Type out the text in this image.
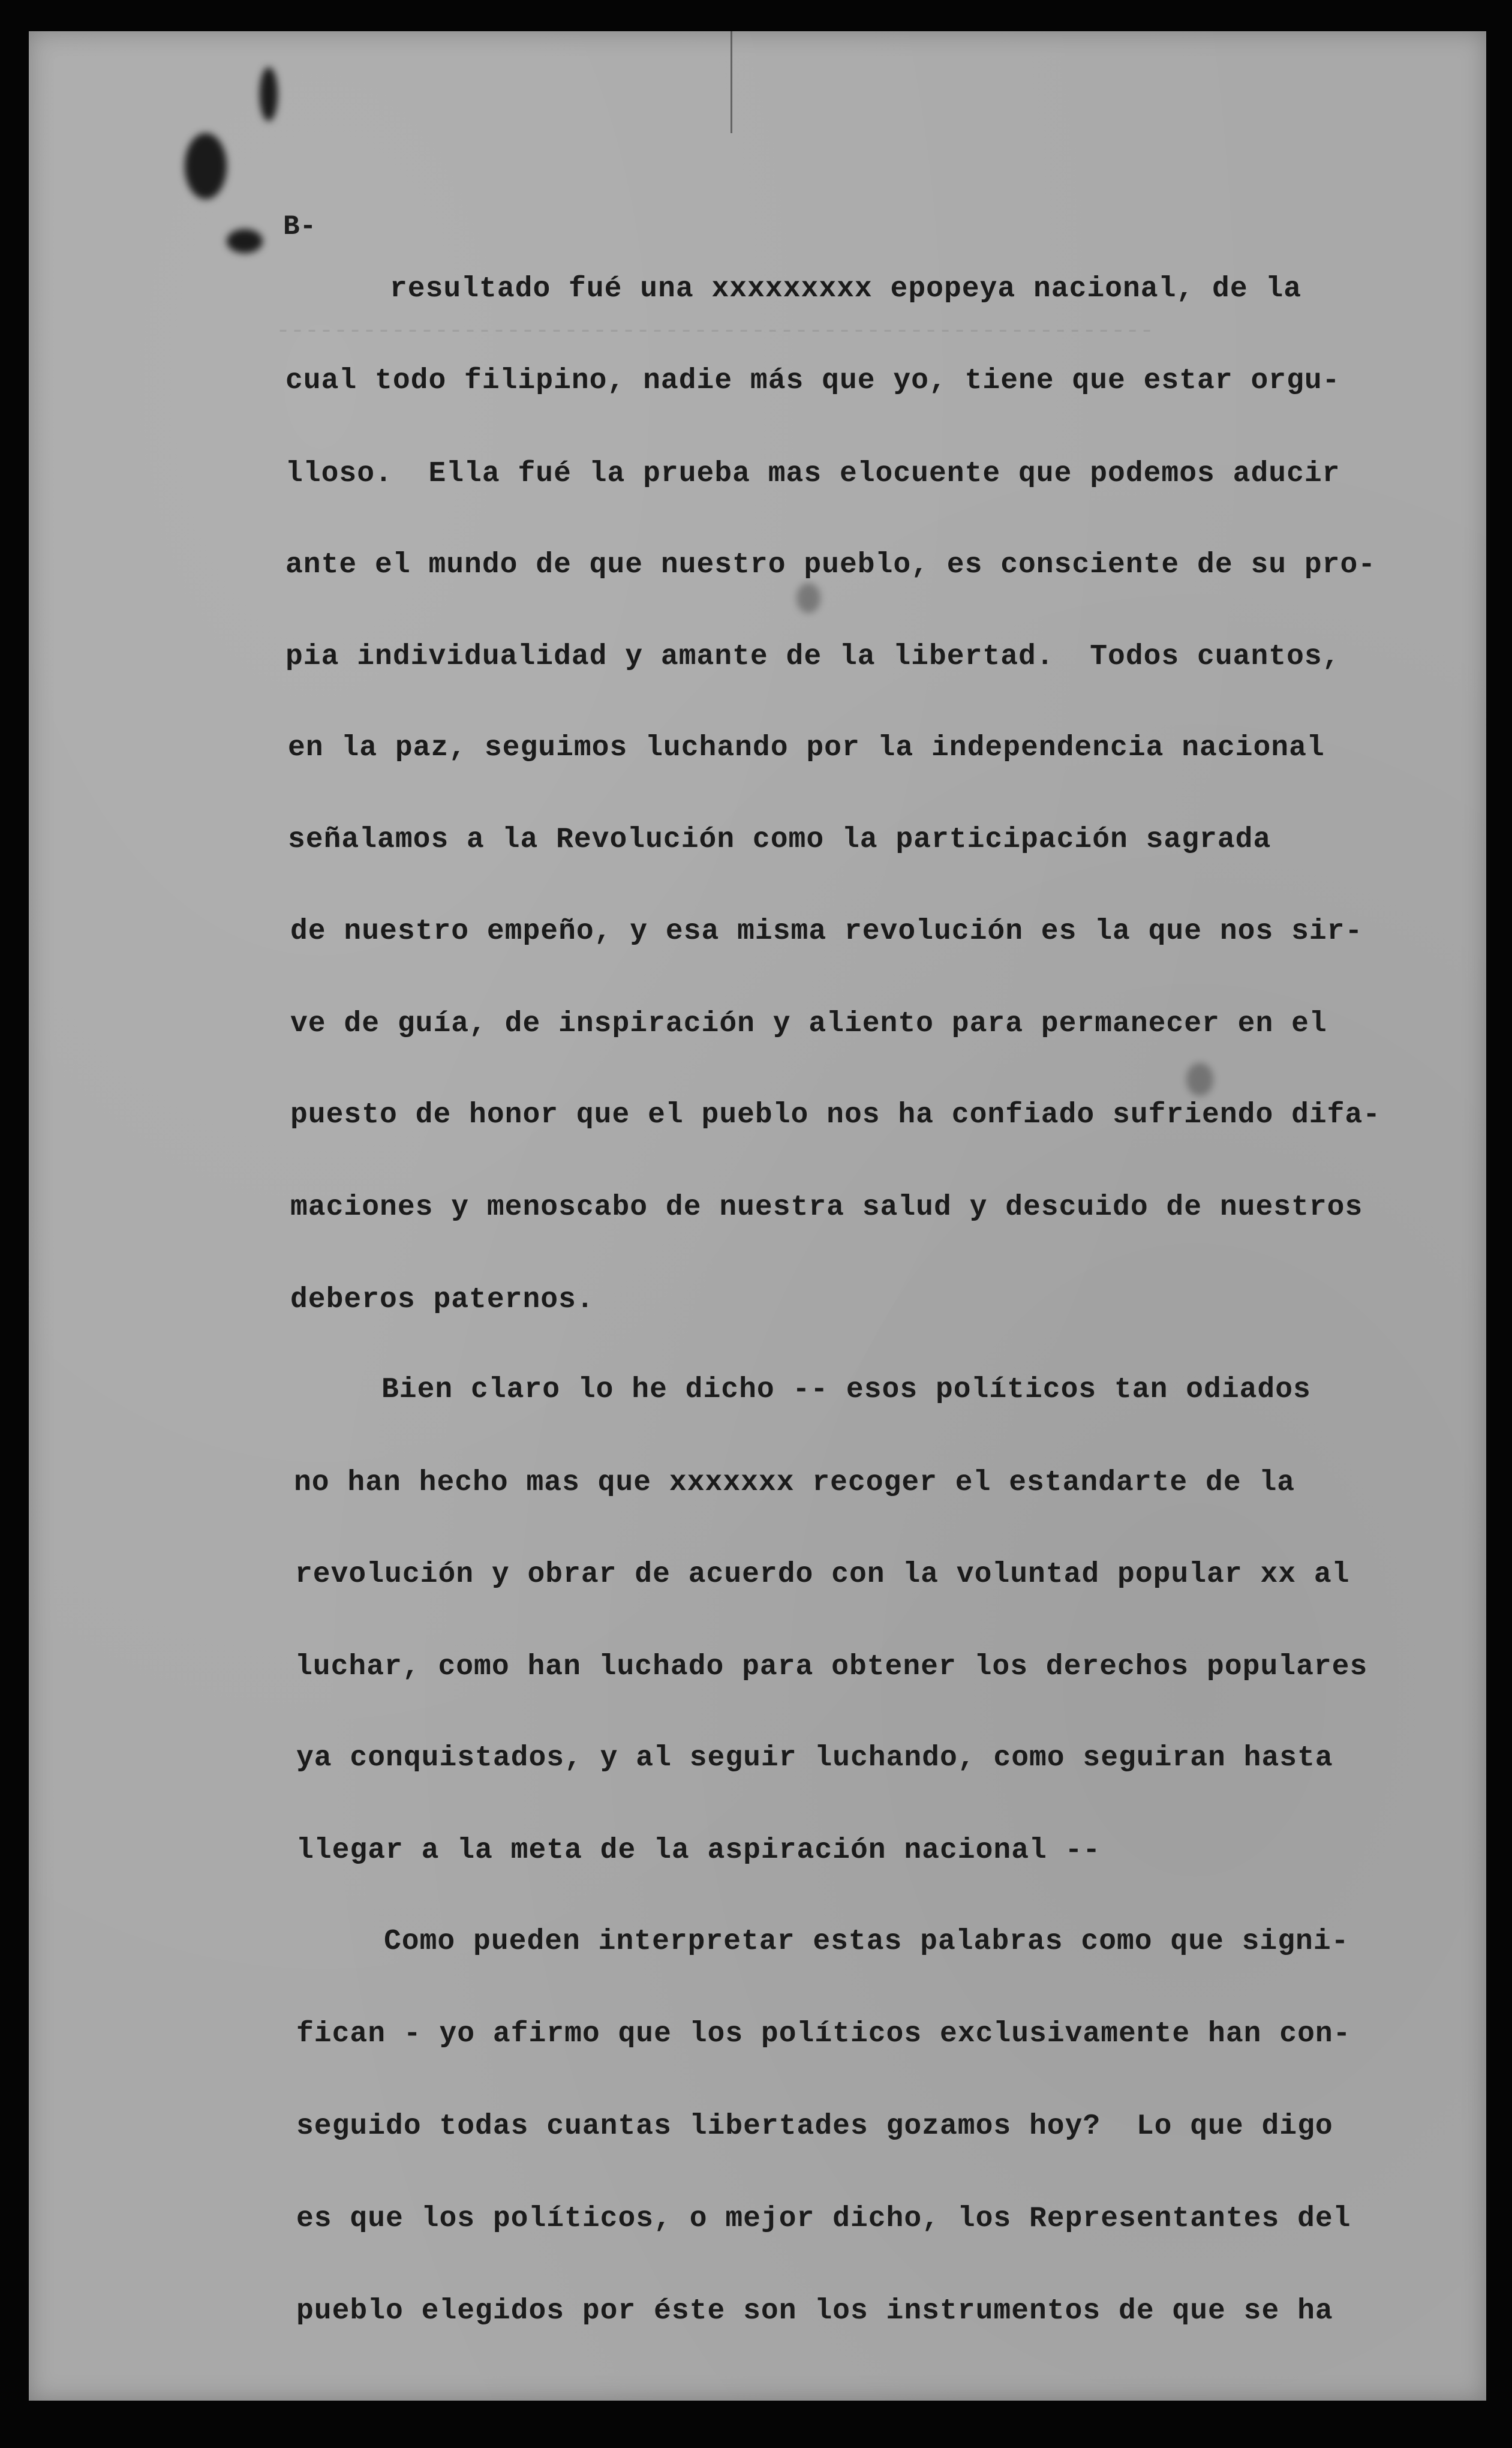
-------------------------------------------------------------
B-
resultado fué una xxxxxxxxx epopeya nacional, de la
cual todo filipino, nadie más que yo, tiene que estar orgu-
lloso.  Ella fué la prueba mas elocuente que podemos aducir
ante el mundo de que nuestro pueblo, es consciente de su pro-
pia individualidad y amante de la libertad.  Todos cuantos,
en la paz, seguimos luchando por la independencia nacional
señalamos a la Revolución como la participación sagrada
de nuestro empeño, y esa misma revolución es la que nos sir-
ve de guía, de inspiración y aliento para permanecer en el
puesto de honor que el pueblo nos ha confiado sufriendo difa-
maciones y menoscabo de nuestra salud y descuido de nuestros
deberos paternos.
Bien claro lo he dicho -- esos políticos tan odiados
no han hecho mas que xxxxxxx recoger el estandarte de la
revolución y obrar de acuerdo con la voluntad popular xx al
luchar, como han luchado para obtener los derechos populares
ya conquistados, y al seguir luchando, como seguiran hasta
llegar a la meta de la aspiración nacional --
Como pueden interpretar estas palabras como que signi-
fican - yo afirmo que los políticos exclusivamente han con-
seguido todas cuantas libertades gozamos hoy?  Lo que digo
es que los políticos, o mejor dicho, los Representantes del
pueblo elegidos por éste son los instrumentos de que se ha
